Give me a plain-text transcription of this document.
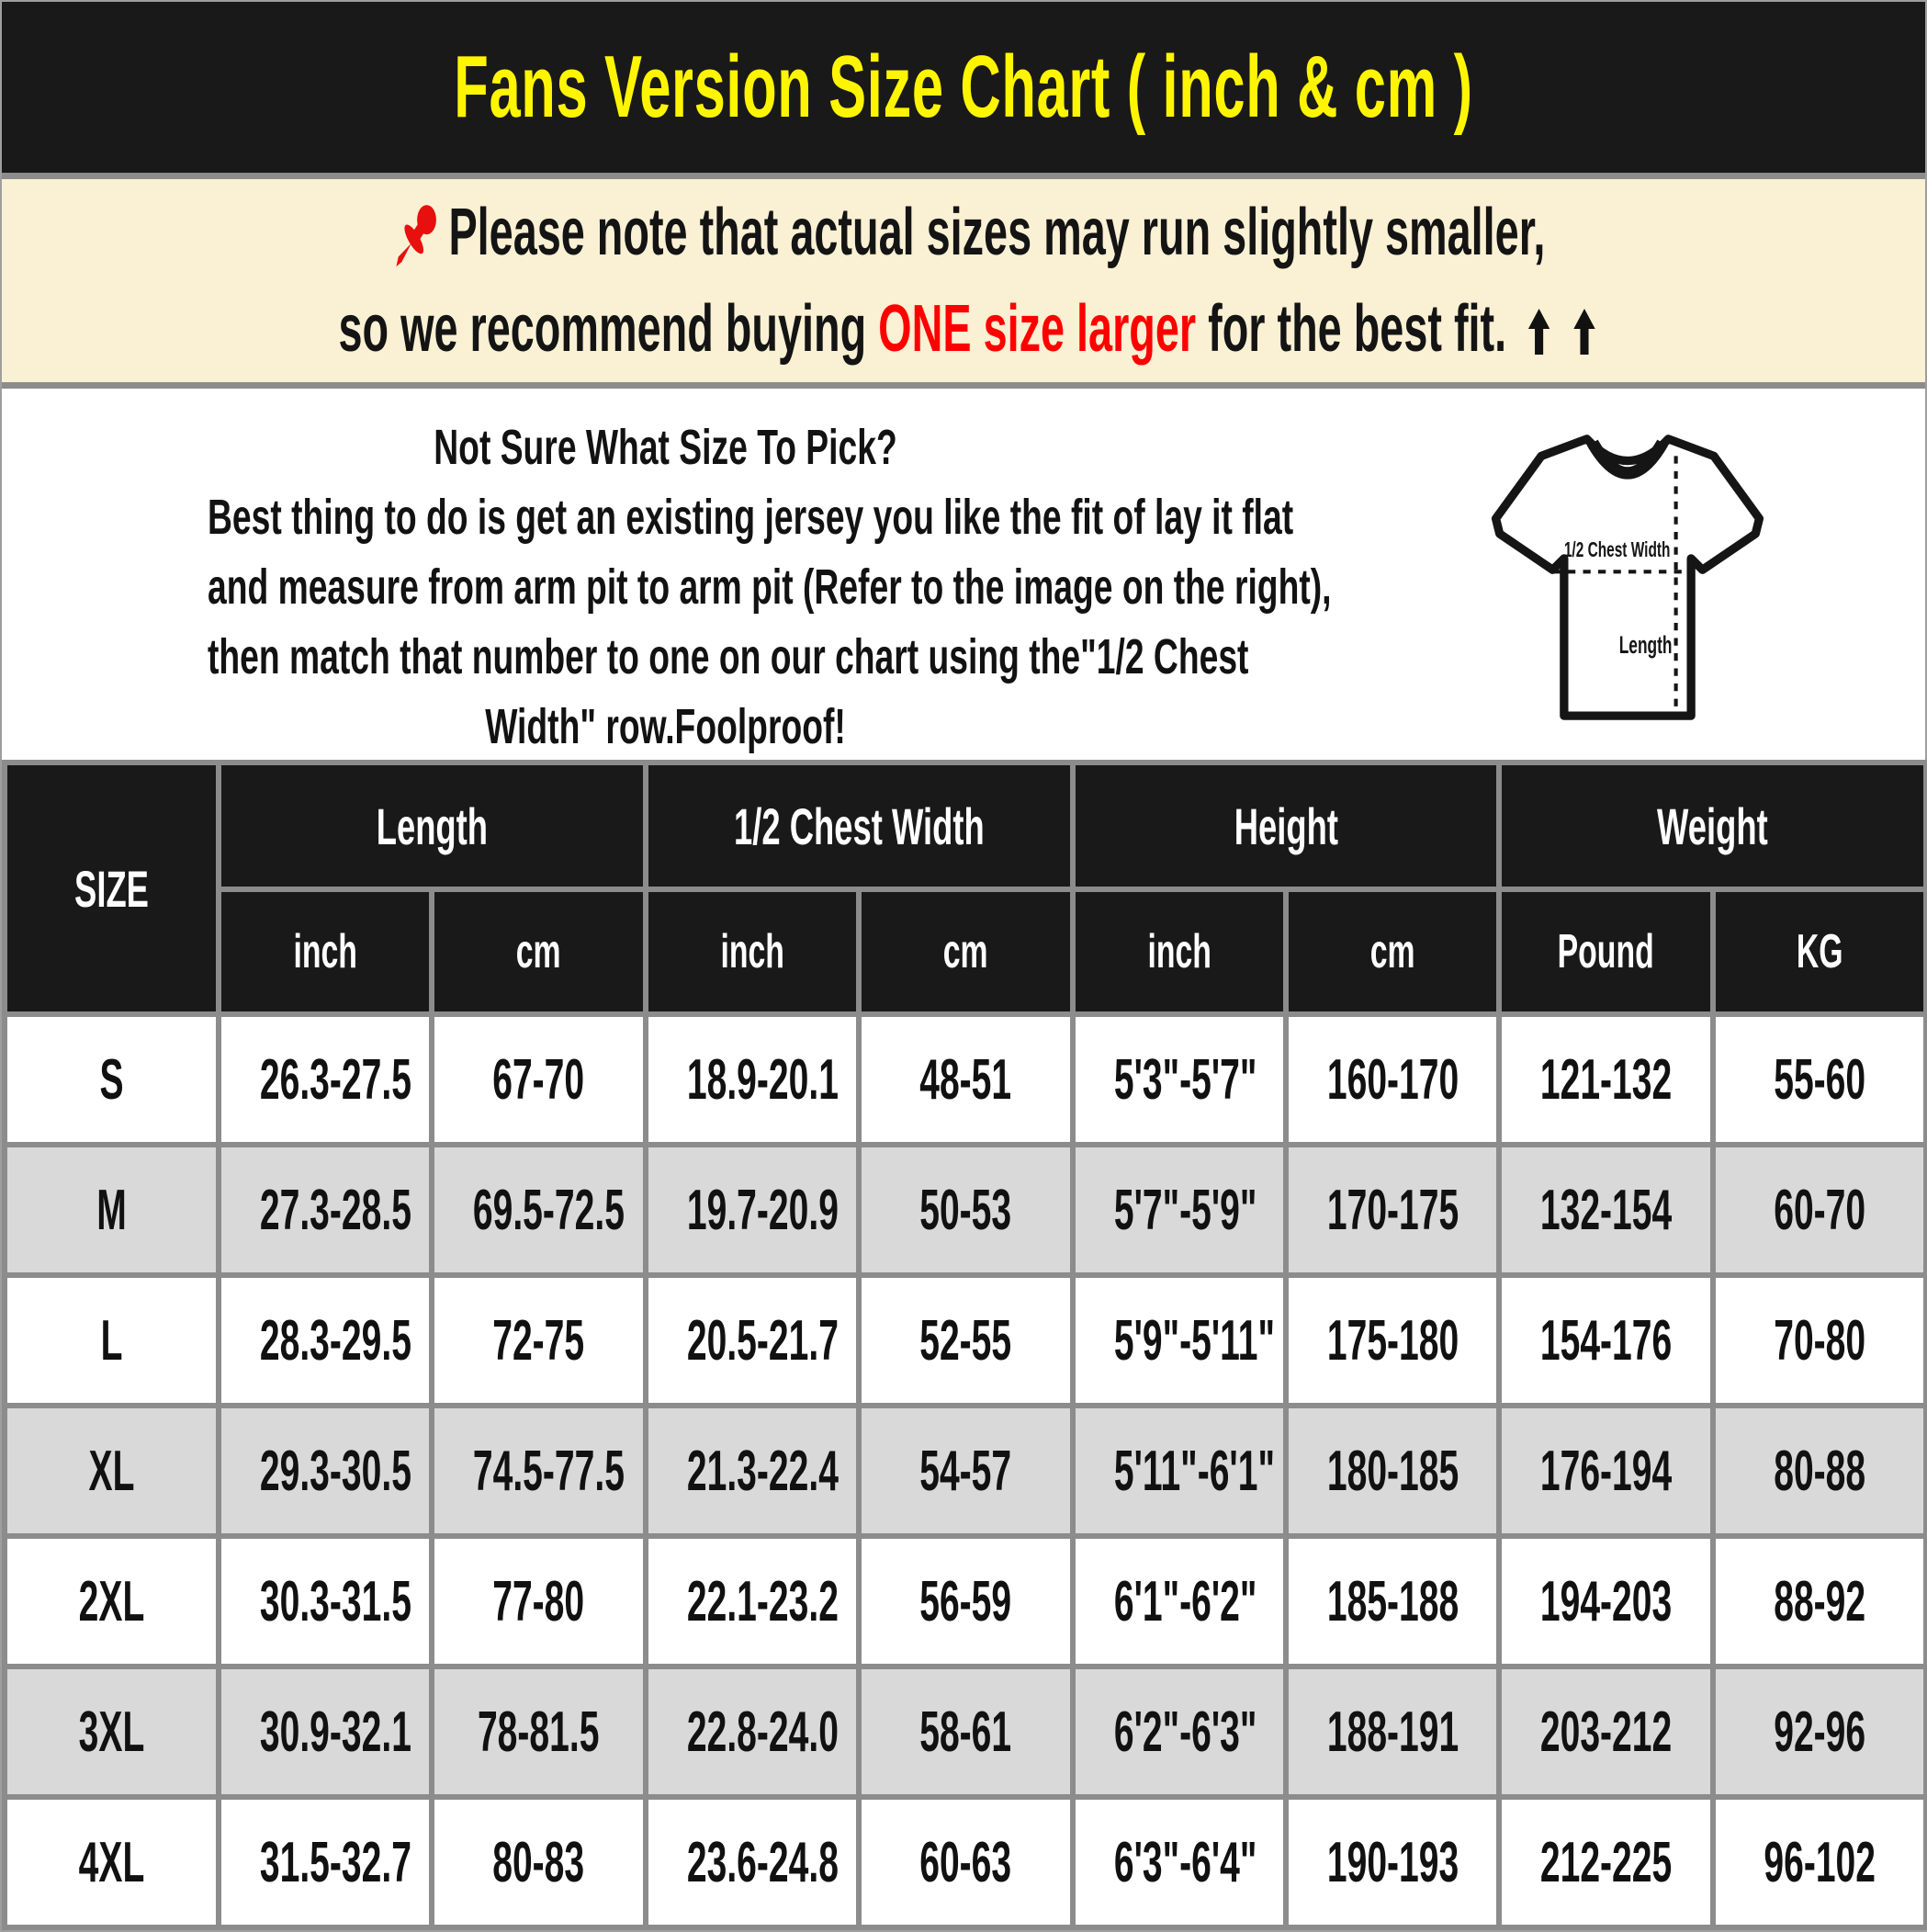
Fans Version Size Chart ( inch & cm )
Please note that actual sizes may run slightly smaller,
so we recommend buying ONE size larger for the best fit.
Not Sure What Size To Pick?
Best thing to do is get an existing jersey you like the fit of lay it flat
and measure from arm pit to arm pit (Refer to the image on the right),
then match that number to one on our chart using the"1/2 Chest
Width" row.Foolproof!
1/2 Chest Width
Length
SIZE	Length		1/2 Chest Width		Height		Weight	

	inch	cm	inch	cm	inch	cm	Pound	KG

S	26.3-27.5	67-70	18.9-20.1	48-51	5'3"-5'7"	160-170	121-132	55-60

M	27.3-28.5	69.5-72.5	19.7-20.9	50-53	5'7"-5'9"	170-175	132-154	60-70

L	28.3-29.5	72-75	20.5-21.7	52-55	5'9"-5'11"	175-180	154-176	70-80

XL	29.3-30.5	74.5-77.5	21.3-22.4	54-57	5'11"-6'1"	180-185	176-194	80-88

2XL	30.3-31.5	77-80	22.1-23.2	56-59	6'1"-6'2"	185-188	194-203	88-92

3XL	30.9-32.1	78-81.5	22.8-24.0	58-61	6'2"-6'3"	188-191	203-212	92-96

4XL	31.5-32.7	80-83	23.6-24.8	60-63	6'3"-6'4"	190-193	212-225	96-102
